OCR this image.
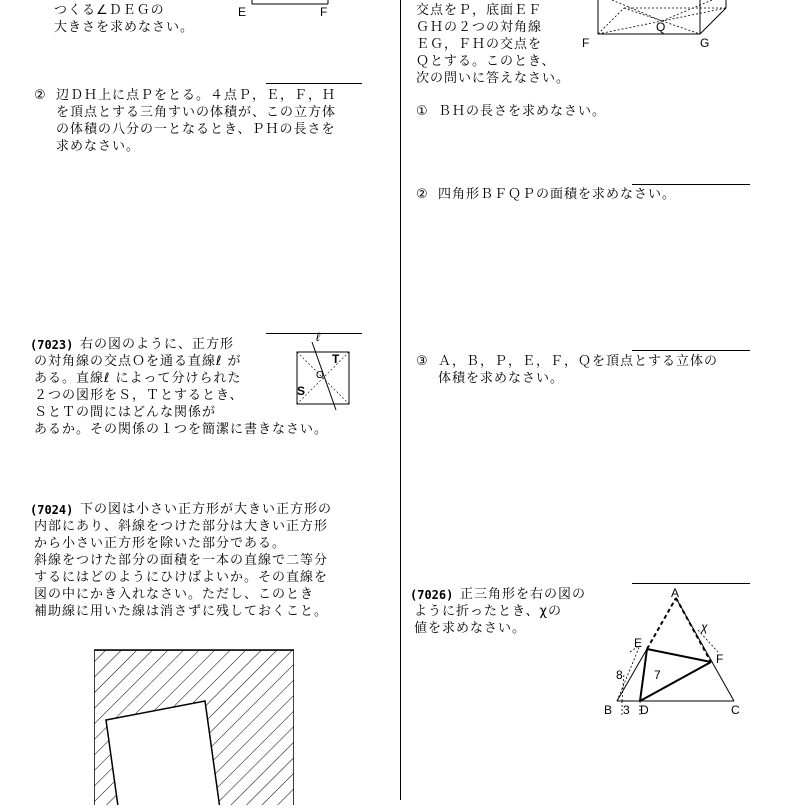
つくる∠ＤＥＧの
大きさを求めなさい。
E	F
② 辺ＤＨ上に点Ｐをとる。４点Ｐ，Ｅ，Ｆ，Ｈ
を頂点とする三角すいの体積が、この立方体
の体積の八分の一となるとき、ＰＨの長さを
求めなさい。
(7023) 右の図のように、正方形
の対角線の交点Ｏを通る直線ℓ が
ある。直線ℓ によって分けられた
２つの図形をＳ，Ｔとするとき、
ＳとＴの間にはどんな関係が
あるか。その関係の１つを簡潔に書きなさい。
ℓ
T
O
S
(7024) 下の図は小さい正方形が大きい正方形の
内部にあり、斜線をつけた部分は大きい正方形
から小さい正方形を除いた部分である。
斜線をつけた部分の面積を一本の直線で二等分
するにはどのようにひけばよいか。その直線を
図の中にかき入れなさい。ただし、このとき
補助線に用いた線は消さずに残しておくこと。
交点をＰ，底面ＥＦ
ＧＨの２つの対角線
ＥＧ，ＦＨの交点を
Ｑとする。このとき、
次の問いに答えなさい。
F
Q
G
① ＢＨの長さを求めなさい。
② 四角形ＢＦＱＰの面積を求めなさい。
③ Ａ，Ｂ，Ｐ，Ｅ，Ｆ，Ｑを頂点とする立体の
体積を求めなさい。
(7026) 正三角形を右の図の
ように折ったとき、χの
値を求めなさい。
A
E
χ
F
8	7
B 3 D	C
